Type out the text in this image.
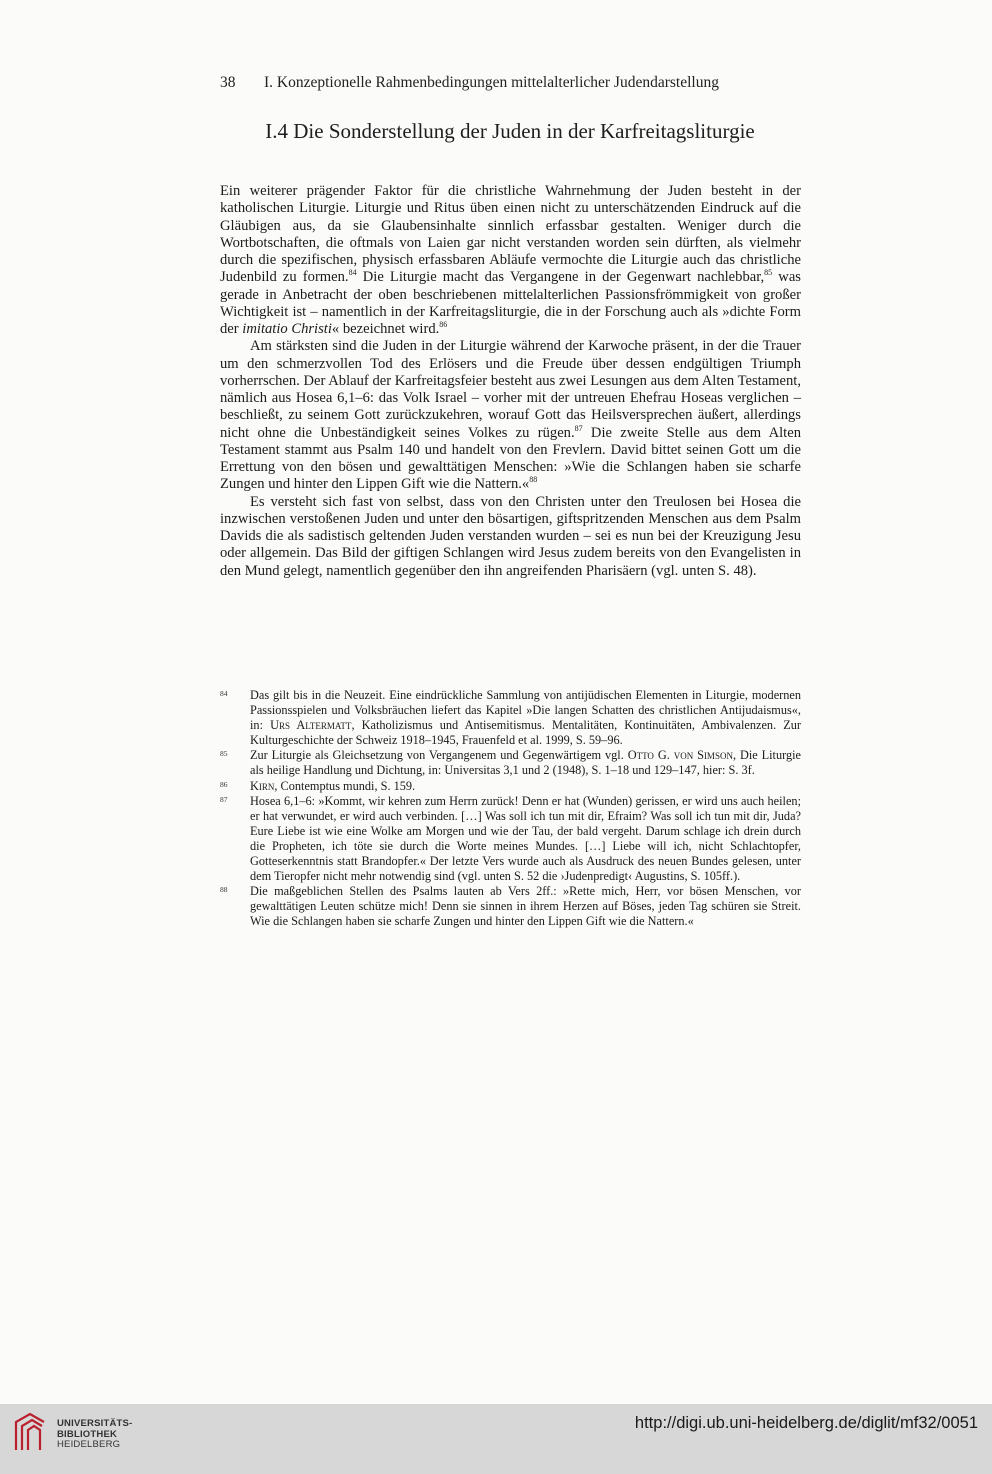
38 I. Konzeptionelle Rahmenbedingungen mittelalterlicher Judendarstellung
I.4 Die Sonderstellung der Juden in der Karfreitagsliturgie

Ein weiterer prägender Faktor für die christliche Wahrnehmung der Juden besteht in der katholischen Liturgie. Liturgie und Ritus üben einen nicht zu unterschätzenden Eindruck auf die Gläubigen aus, da sie Glaubensinhalte sinnlich erfassbar gestalten. Weniger durch die Wortbotschaften, die oftmals von Laien gar nicht verstanden worden sein dürften, als vielmehr durch die spezifischen, physisch erfassbaren Abläufe vermochte die Liturgie auch das christliche Judenbild zu formen.$^{84}$ Die Liturgie macht das Vergangene in der Gegenwart nachlebbar,$^{85}$ was gerade in Anbetracht der oben beschriebenen mittelalterlichen Passionsfrömmigkeit von großer Wichtigkeit ist – namentlich in der Karfreitagsliturgie, die in der Forschung auch als »dichte Form der imitatio Christi« bezeichnet wird.$^{86}$

Am stärksten sind die Juden in der Liturgie während der Karwoche präsent, in der die Trauer um den schmerzvollen Tod des Erlösers und die Freude über dessen endgültigen Triumph vorherrschen. Der Ablauf der Karfreitagsfeier besteht aus zwei Lesungen aus dem Alten Testament, nämlich aus Hosea 6,1–6: das Volk Israel – vorher mit der untreuen Ehefrau Hoseas verglichen – beschließt, zu seinem Gott zurückzukehren, worauf Gott das Heilsversprechen äußert, allerdings nicht ohne die Unbeständigkeit seines Volkes zu rügen.$^{87}$ Die zweite Stelle aus dem Alten Testament stammt aus Psalm 140 und handelt von den Frevlern. David bittet seinen Gott um die Errettung von den bösen und gewalttätigen Menschen: »Wie die Schlangen haben sie scharfe Zungen und hinter den Lippen Gift wie die Nattern.«$^{88}$

Es versteht sich fast von selbst, dass von den Christen unter den Treulosen bei Hosea die inzwischen verstoßenen Juden und unter den bösartigen, giftspritzenden Menschen aus dem Psalm Davids die als sadistisch geltenden Juden verstanden wurden – sei es nun bei der Kreuzigung Jesu oder allgemein. Das Bild der giftigen Schlangen wird Jesus zudem bereits von den Evangelisten in den Mund gelegt, namentlich gegenüber den ihn angreifenden Pharisäern (vgl. unten S. 48).

84 Das gilt bis in die Neuzeit. Eine eindrückliche Sammlung von antijüdischen Elementen in Liturgie, modernen Passionsspielen und Volksbräuchen liefert das Kapitel »Die langen Schatten des christlichen Antijudaismus«, in: Urs Altermatt, Katholizismus und Antisemitismus. Mentalitäten, Kontinuitäten, Ambivalenzen. Zur Kulturgeschichte der Schweiz 1918–1945, Frauenfeld et al. 1999, S. 59–96.
85 Zur Liturgie als Gleichsetzung von Vergangenem und Gegenwärtigem vgl. Otto G. von Simson, Die Liturgie als heilige Handlung und Dichtung, in: Universitas 3,1 und 2 (1948), S. 1–18 und 129–147, hier: S. 3f.
86 Kirn, Contemptus mundi, S. 159.
87 Hosea 6,1–6: »Kommt, wir kehren zum Herrn zurück! Denn er hat (Wunden) gerissen, er wird uns auch heilen; er hat verwundet, er wird auch verbinden. […] Was soll ich tun mit dir, Efraim? Was soll ich tun mit dir, Juda? Eure Liebe ist wie eine Wolke am Morgen und wie der Tau, der bald vergeht. Darum schlage ich drein durch die Propheten, ich töte sie durch die Worte meines Mundes. […] Liebe will ich, nicht Schlachtopfer, Gotteserkenntnis statt Brandopfer.« Der letzte Vers wurde auch als Ausdruck des neuen Bundes gelesen, unter dem Tieropfer nicht mehr notwendig sind (vgl. unten S. 52 die ›Judenpredigt‹ Augustins, S. 105ff.).
88 Die maßgeblichen Stellen des Psalms lauten ab Vers 2ff.: »Rette mich, Herr, vor bösen Menschen, vor gewalttätigen Leuten schütze mich! Denn sie sinnen in ihrem Herzen auf Böses, jeden Tag schüren sie Streit. Wie die Schlangen haben sie scharfe Zungen und hinter den Lippen Gift wie die Nattern.«
UNIVERSITÄTS-
BIBLIOTHEK
HEIDELBERG
http://digi.ub.uni-heidelberg.de/diglit/mf32/0051
